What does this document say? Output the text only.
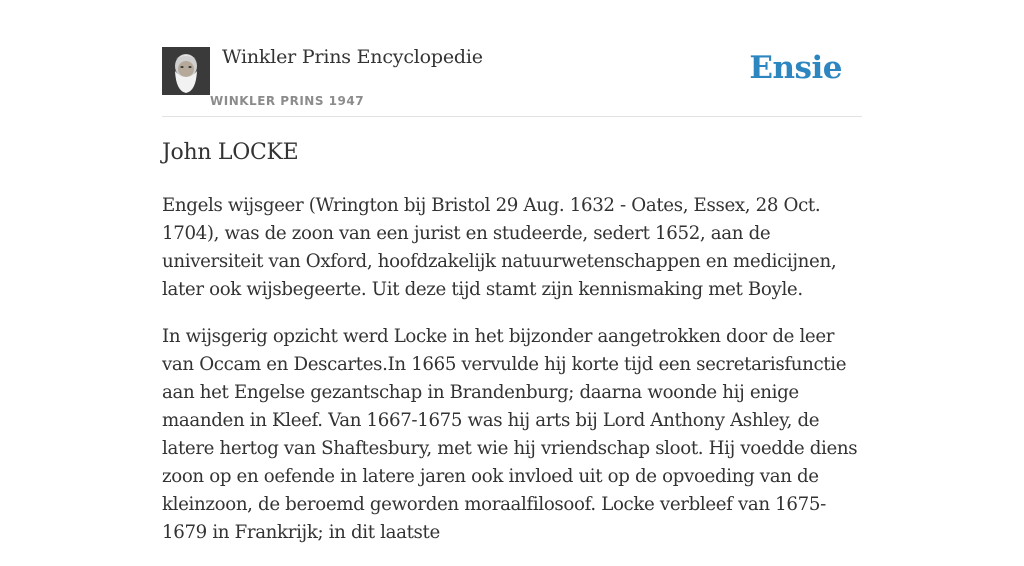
Winkler Prins Encyclopedie
WINKLER PRINS 1947
Ensie
John LOCKE

Engels wijsgeer (Wrington bij Bristol 29 Aug. 1632 - Oates, Essex, 28 Oct. 1704), was de zoon van een jurist en studeerde, sedert 1652, aan de universiteit van Oxford, hoofdzakelijk natuurwetenschappen en medicijnen, later ook wijsbegeerte. Uit deze tijd stamt zijn kennismaking met Boyle.

In wijsgerig opzicht werd Locke in het bijzonder aangetrokken door de leer van Occam en Descartes.In 1665 vervulde hij korte tijd een secretarisfunctie aan het Engelse gezantschap in Brandenburg; daarna woonde hij enige maanden in Kleef. Van 1667-1675 was hij arts bij Lord Anthony Ashley, de latere hertog van Shaftesbury, met wie hij vriendschap sloot. Hij voedde diens zoon op en oefende in latere jaren ook invloed uit op de opvoeding van de kleinzoon, de beroemd geworden moraalfilosoof. Locke verbleef van 1675-1679 in Frankrijk; in dit laatste
